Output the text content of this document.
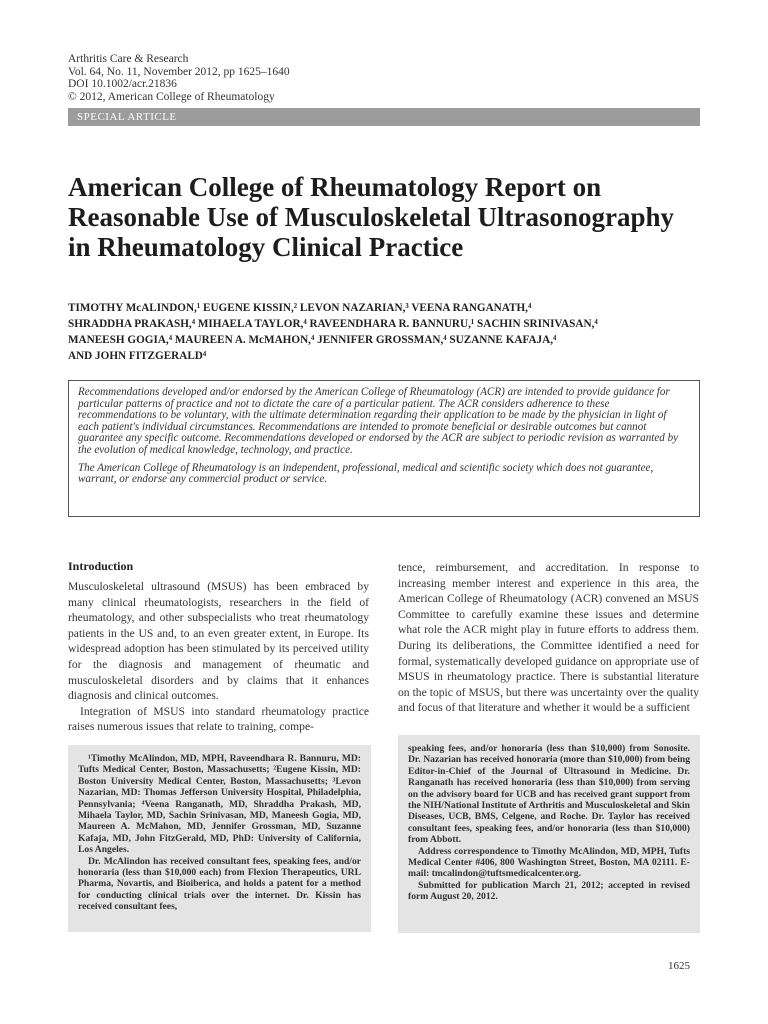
Arthritis Care & Research
Vol. 64, No. 11, November 2012, pp 1625–1640
DOI 10.1002/acr.21836
© 2012, American College of Rheumatology
SPECIAL ARTICLE
American College of Rheumatology Report on Reasonable Use of Musculoskeletal Ultrasonography in Rheumatology Clinical Practice
TIMOTHY McALINDON,¹ EUGENE KISSIN,² LEVON NAZARIAN,³ VEENA RANGANATH,⁴
SHRADDHA PRAKASH,⁴ MIHAELA TAYLOR,⁴ RAVEENDHARA R. BANNURU,¹ SACHIN SRINIVASAN,⁴
MANEESH GOGIA,⁴ MAUREEN A. McMAHON,⁴ JENNIFER GROSSMAN,⁴ SUZANNE KAFAJA,⁴
AND JOHN FITZGERALD⁴

Recommendations developed and/or endorsed by the American College of Rheumatology (ACR) are intended to provide guidance for particular patterns of practice and not to dictate the care of a particular patient. The ACR considers adherence to these recommendations to be voluntary, with the ultimate determination regarding their application to be made by the physician in light of each patient's individual circumstances. Recommendations are intended to promote beneficial or desirable outcomes but cannot guarantee any specific outcome. Recommendations developed or endorsed by the ACR are subject to periodic revision as warranted by the evolution of medical knowledge, technology, and practice.

The American College of Rheumatology is an independent, professional, medical and scientific society which does not guarantee, warrant, or endorse any commercial product or service.

Introduction

Musculoskeletal ultrasound (MSUS) has been embraced by many clinical rheumatologists, researchers in the field of rheumatology, and other subspecialists who treat rheumatology patients in the US and, to an even greater extent, in Europe. Its widespread adoption has been stimulated by its perceived utility for the diagnosis and management of rheumatic and musculoskeletal disorders and by claims that it enhances diagnosis and clinical outcomes.

Integration of MSUS into standard rheumatology practice raises numerous issues that relate to training, compe-

tence, reimbursement, and accreditation. In response to increasing member interest and experience in this area, the American College of Rheumatology (ACR) convened an MSUS Committee to carefully examine these issues and determine what role the ACR might play in future efforts to address them. During its deliberations, the Committee identified a need for formal, systematically developed guidance on appropriate use of MSUS in rheumatology practice. There is substantial literature on the topic of MSUS, but there was uncertainty over the quality and focus of that literature and whether it would be a sufficient

¹Timothy McAlindon, MD, MPH, Raveendhara R. Bannuru, MD: Tufts Medical Center, Boston, Massachusetts; ²Eugene Kissin, MD: Boston University Medical Center, Boston, Massachusetts; ³Levon Nazarian, MD: Thomas Jefferson University Hospital, Philadelphia, Pennsylvania; ⁴Veena Ranganath, MD, Shraddha Prakash, MD, Mihaela Taylor, MD, Sachin Srinivasan, MD, Maneesh Gogia, MD, Maureen A. McMahon, MD, Jennifer Grossman, MD, Suzanne Kafaja, MD, John FitzGerald, MD, PhD: University of California, Los Angeles.

Dr. McAlindon has received consultant fees, speaking fees, and/or honoraria (less than $10,000 each) from Flexion Therapeutics, URL Pharma, Novartis, and Bioiberica, and holds a patent for a method for conducting clinical trials over the internet. Dr. Kissin has received consultant fees,

speaking fees, and/or honoraria (less than $10,000) from Sonosite. Dr. Nazarian has received honoraria (more than $10,000) from being Editor-in-Chief of the Journal of Ultrasound in Medicine. Dr. Ranganath has received honoraria (less than $10,000) from serving on the advisory board for UCB and has received grant support from the NIH/National Institute of Arthritis and Musculoskeletal and Skin Diseases, UCB, BMS, Celgene, and Roche. Dr. Taylor has received consultant fees, speaking fees, and/or honoraria (less than $10,000) from Abbott.

Address correspondence to Timothy McAlindon, MD, MPH, Tufts Medical Center #406, 800 Washington Street, Boston, MA 02111. E-mail: tmcalindon@tuftsmedicalcenter.org.

Submitted for publication March 21, 2012; accepted in revised form August 20, 2012.

1625
